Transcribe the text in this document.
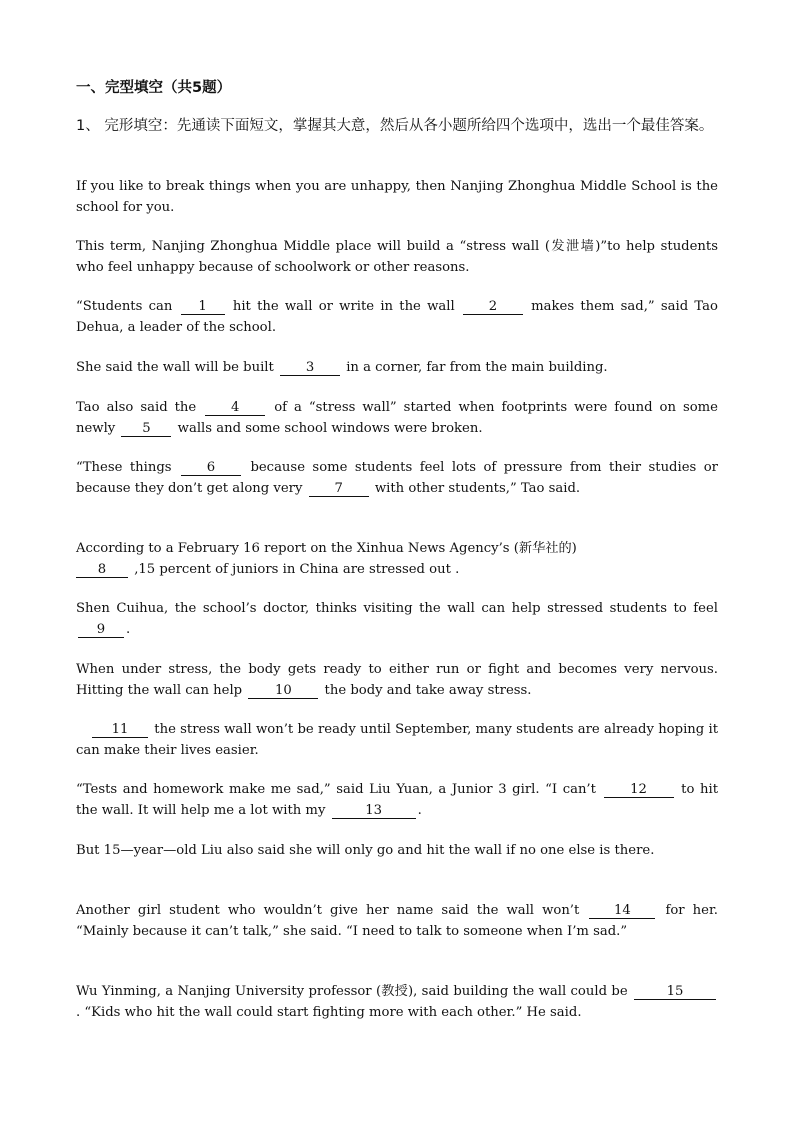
一、完型填空（共5题）
1、 完形填空：先通读下面短文，掌握其大意，然后从各小题所给四个选项中，选出一个最佳答案。
If you like to break things when you are unhappy, then Nanjing Zhonghua Middle School is the school for you.
This term, Nanjing Zhonghua Middle place will build a “stress wall (发泄墙)”to help students who feel unhappy because of schoolwork or other reasons.
“Students can 1 hit the wall or write in the wall	2	makes them sad,” said Tao Dehua, a leader of the school.
She said the wall will be built 3 in a corner, far from the main building.
Tao also said the	4	of a “stress wall” started when footprints were found on some newly 5 walls and some school windows were broken.
“These things	6	because some students feel lots of pressure from their studies or because they don’t get along very 7 with other students,” Tao said.
According to a February 16 report on the Xinhua News Agency’s (新华社的)
8 ,15 percent of juniors in China are stressed out .
Shen Cuihua, the school’s doctor, thinks visiting the wall can help stressed students to feel 9 .
When under stress, the body gets ready to either run or fight and becomes very nervous. Hitting the wall can help 10 the body and take away stress.
11 the stress wall won’t be ready until September, many students are already hoping it can make their lives easier.
“Tests and homework make me sad,” said Liu Yuan, a Junior 3 girl. “I can’t	12	to hit the wall. It will help me a lot with my	13	.
But 15—year—old Liu also said she will only go and hit the wall if no one else is there.
Another girl student who wouldn’t give her name said the wall won’t	14	for her. “Mainly because it can’t talk,” she said. “I need to talk to someone when I’m sad.”
Wu Yinming, a Nanjing University professor (教授), said building the wall could be	15. “Kids who hit the wall could start fighting more with each other.” He said.
